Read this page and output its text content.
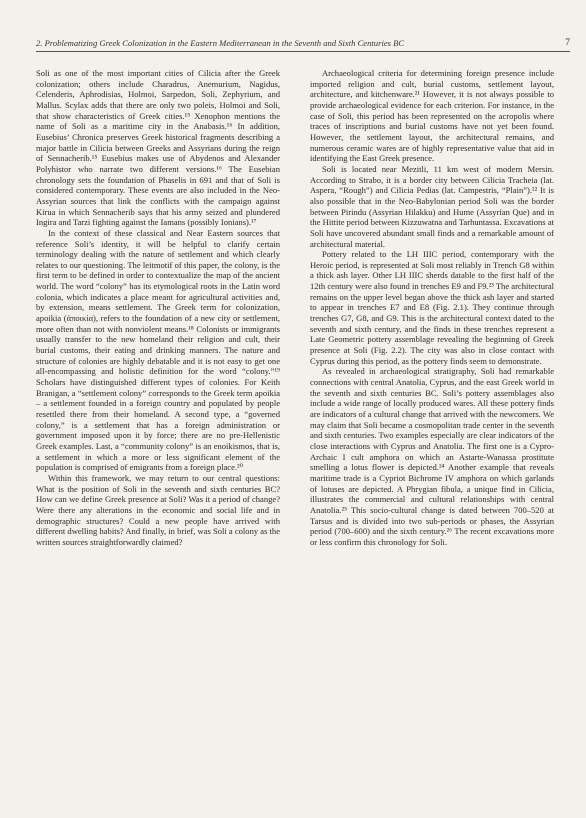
2. Problematizing Greek Colonization in the Eastern Mediterranean in the Seventh and Sixth Centuries BC	7

Soli as one of the most important cities of Cilicia after the Greek colonization; others include Charadrus, Anemurium, Nagidus, Celenderis, Aphrodisias, Holmoi, Sarpedon, Soli, Zephyrium, and Mallus. Scylax adds that there are only two poleis, Holmoi and Soli, that show characteristics of Greek cities.¹⁵ Xenophon mentions the name of Soli as a maritime city in the Anabasis.¹⁶ In addition, Eusebius’ Chronica preserves Greek historical fragments describing a major battle in Cilicia between Greeks and Assyrians during the reign of Sennacherib.¹⁵ Eusebius makes use of Abydenos and Alexander Polyhistor who narrate two different versions.¹⁶ The Eusebian chronology sets the foundation of Phaselis in 691 and that of Soli is considered contemporary. These events are also included in the Neo-Assyrian sources that link the conflicts with the campaign against Kirua in which Sennacherib says that his army seized and plundered Ingira and Tarzi fighting against the Iamans (possibly Ionians).¹⁷

In the context of these classical and Near Eastern sources that reference Soli’s identity, it will be helpful to clarify certain terminology dealing with the nature of settlement and which clearly relates to our questioning. The leitmotif of this paper, the colony, is the first term to be defined in order to contextualize the map of the ancient world. The word “colony” has its etymological roots in the Latin word colonia, which indicates a place meant for agricultural activities and, by extension, means settlement. The Greek term for colonization, apoikia (ἀποικία), refers to the foundation of a new city or settlement, more often than not with nonviolent means.¹⁸ Colonists or immigrants usually transfer to the new homeland their religion and cult, their burial customs, their eating and drinking manners. The nature and structure of colonies are highly debatable and it is not easy to get one all-encompassing and holistic definition for the word “colony.”¹⁹ Scholars have distinguished different types of colonies. For Keith Branigan, a “settlement colony” corresponds to the Greek term apoikia – a settlement founded in a foreign country and populated by people resettled there from their homeland. A second type, a “governed colony,” is a settlement that has a foreign administration or government imposed upon it by force; there are no pre-Hellenistic Greek examples. Last, a “community colony” is an enoikismos, that is, a settlement in which a more or less significant element of the population is comprised of emigrants from a foreign place.²⁰

Within this framework, we may return to our central questions: What is the position of Soli in the seventh and sixth centuries BC? How can we define Greek presence at Soli? Was it a period of change? Were there any alterations in the economic and social life and in demographic structures? Could a new people have arrived with different dwelling habits? And finally, in brief, was Soli a colony as the written sources straightforwardly claimed?

Archaeological criteria for determining foreign presence include imported religion and cult, burial customs, settlement layout, architecture, and kitchenware.²¹ However, it is not always possible to provide archaeological evidence for each criterion. For instance, in the case of Soli, this period has been represented on the acropolis where traces of inscriptions and burial customs have not yet been found. However, the settlement layout, the architectural remains, and numerous ceramic wares are of highly representative value that aid in identifying the East Greek presence.

Soli is located near Mezitli, 11 km west of modern Mersin. According to Strabo, it is a border city between Cilicia Tracheia (lat. Aspera, “Rough”) and Cilicia Pedias (lat. Campestris, “Plain”).²² It is also possible that in the Neo-Babylonian period Soli was the border between Pirindu (Assyrian Hilakku) and Hume (Assyrian Que) and in the Hittite period between Kizzuwatna and Tarhuntassa. Excavations at Soli have uncovered abundant small finds and a remarkable amount of architectural material.

Pottery related to the LH IIIC period, contemporary with the Heroic period, is represented at Soli most reliably in Trench G8 within a thick ash layer. Other LH IIIC sherds datable to the first half of the 12th century were also found in trenches E9 and F9.²³ The architectural remains on the upper level began above the thick ash layer and started to appear in trenches E7 and E8 (Fig. 2.1). They continue through trenches G7, G8, and G9. This is the architectural context dated to the seventh and sixth century, and the finds in these trenches represent a Late Geometric pottery assemblage revealing the beginning of Greek presence at Soli (Fig. 2.2). The city was also in close contact with Cyprus during this period, as the pottery finds seem to demonstrate.

As revealed in archaeological stratigraphy, Soli had remarkable connections with central Anatolia, Cyprus, and the east Greek world in the seventh and sixth centuries BC. Soli’s pottery assemblages also include a wide range of locally produced wares. All these pottery finds are indicators of a cultural change that arrived with the newcomers. We may claim that Soli became a cosmopolitan trade center in the seventh and sixth centuries. Two examples especially are clear indicators of the close interactions with Cyprus and Anatolia. The first one is a Cypro-Archaic I cult amphora on which an Astarte-Wanassa prostitute smelling a lotus flower is depicted.²⁴ Another example that reveals maritime trade is a Cypriot Bichrome IV amphora on which garlands of lotuses are depicted. A Phrygian fibula, a unique find in Cilicia, illustrates the commercial and cultural relationships with central Anatolia.²⁵ This socio-cultural change is dated between 700–520 at Tarsus and is divided into two sub-periods or phases, the Assyrian period (700–600) and the sixth century.²⁶ The recent excavations more or less confirm this chronology for Soli.
